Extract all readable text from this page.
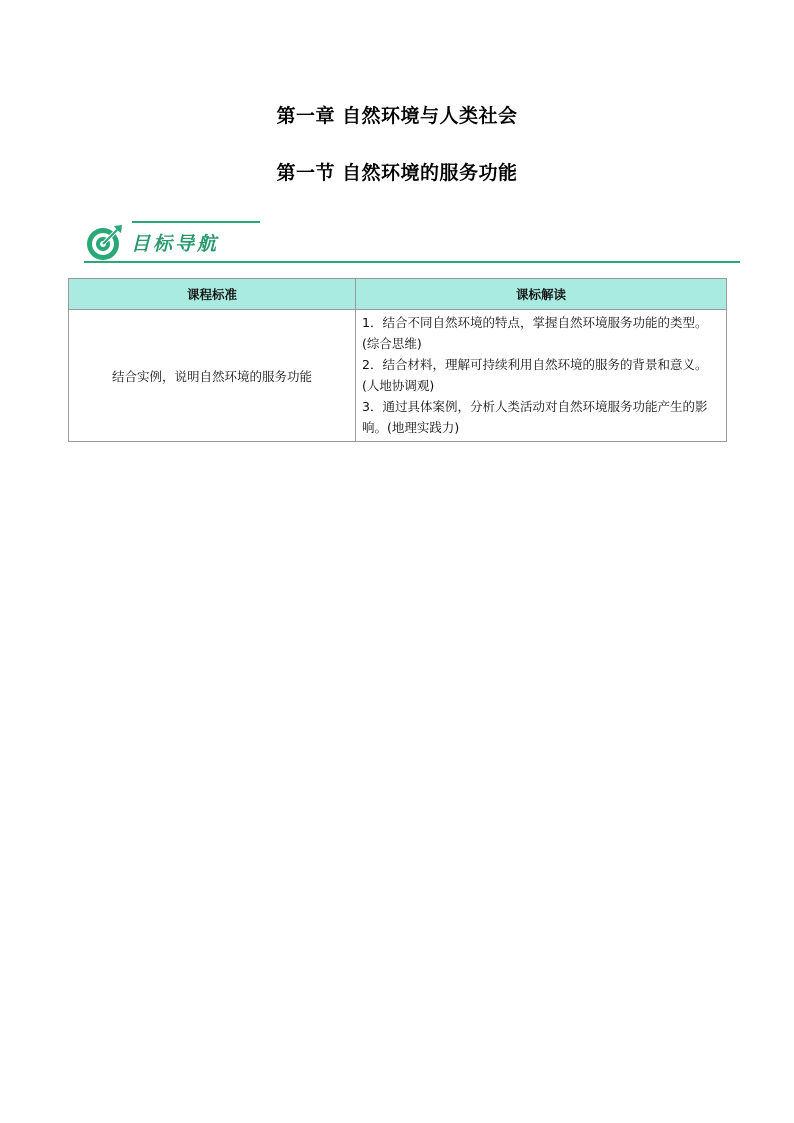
第一章 自然环境与人类社会
第一节 自然环境的服务功能
目标导航
课程标准	课标解读
结合实例，说明自然环境的服务功能	1．结合不同自然环境的特点，掌握自然环境服务功能的类型。(综合思维)
2．结合材料，理解可持续利用自然环境的服务的背景和意义。(人地协调观)
3．通过具体案例，分析人类活动对自然环境服务功能产生的影响。(地理实践力)
